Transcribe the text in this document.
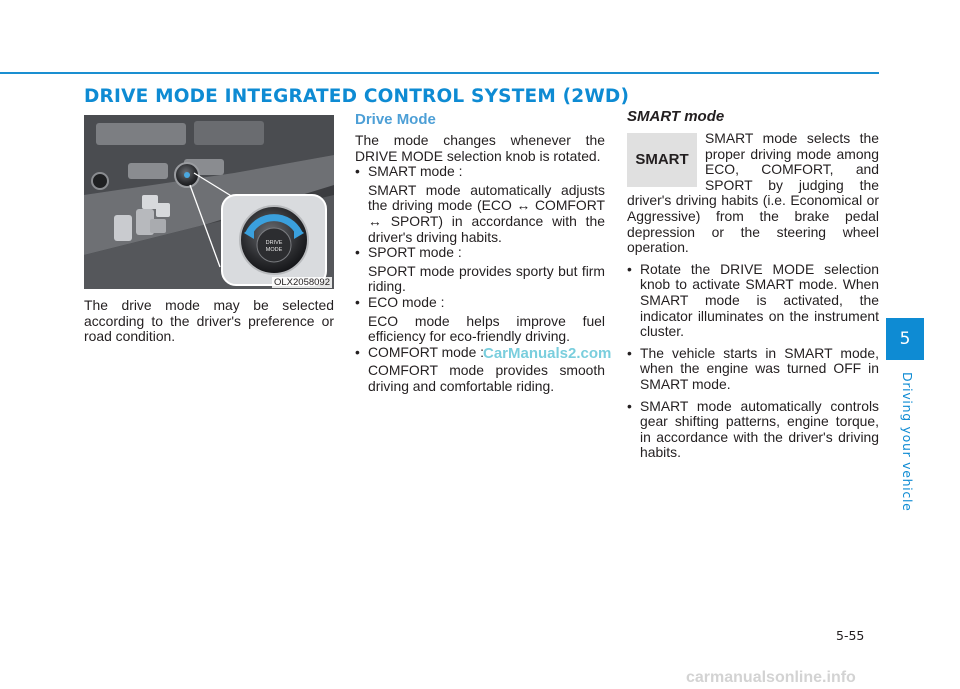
DRIVE MODE INTEGRATED CONTROL SYSTEM (2WD)
DRIVE
MODE
OLX2058092

The drive mode may be selected according to the driver's preference or road condition.

Drive Mode

The mode changes whenever the DRIVE MODE selection knob is rotated.

• SMART mode :

SMART mode automatically adjusts the driving mode (ECO ↔ COMFORT ↔ SPORT) in accordance with the driver's driving habits.

• SPORT mode :

SPORT mode provides sporty but firm riding.

• ECO mode :

ECO mode helps improve fuel efficiency for eco-friendly driving.

• COMFORT mode :

COMFORT mode provides smooth driving and comfortable riding.

SMART mode
SMART

SMART mode selects the proper driving mode among ECO, COMFORT, and SPORT by judging the driver's driving habits (i.e. Economical or Aggressive) from the brake pedal depression or the steering wheel operation.

• Rotate the DRIVE MODE selection knob to activate SMART mode. When SMART mode is activated, the indicator illuminates on the instrument cluster.
• The vehicle starts in SMART mode, when the engine was turned OFF in SMART mode.
• SMART mode automatically controls gear shifting patterns, engine torque, in accordance with the driver's driving habits.

CarManuals2.com

5
Driving your vehicle
5-55
carmanualsonline.info
